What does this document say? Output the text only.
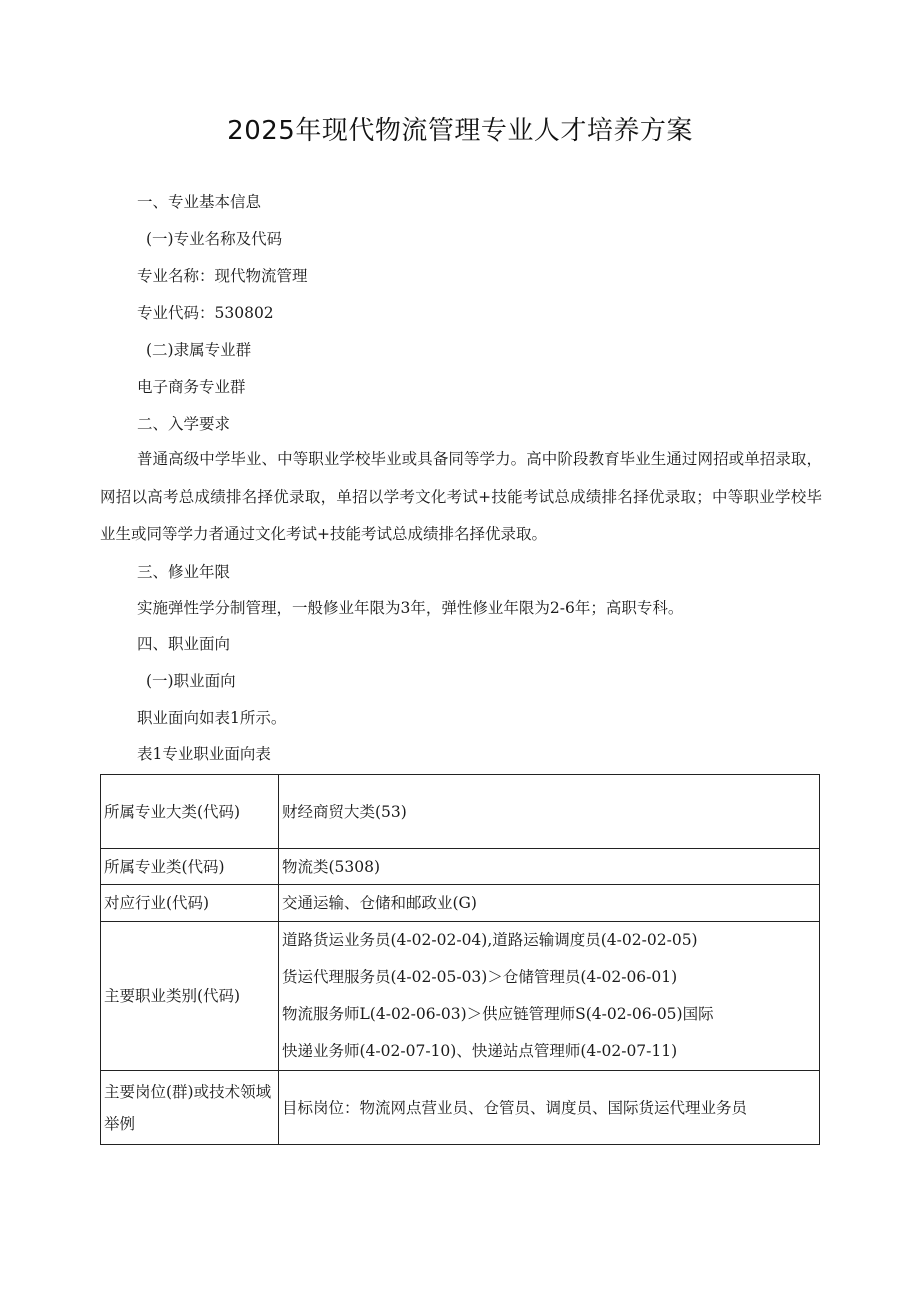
2025年现代物流管理专业人才培养方案
一、专业基本信息
(一)专业名称及代码
专业名称：现代物流管理
专业代码：530802
(二)隶属专业群
电子商务专业群
二、入学要求
普通高级中学毕业、中等职业学校毕业或具备同等学力。高中阶段教育毕业生通过网招或单招录取，网招以高考总成绩排名择优录取，单招以学考文化考试+技能考试总成绩排名择优录取；中等职业学校毕业生或同等学力者通过文化考试+技能考试总成绩排名择优录取。
三、修业年限
实施弹性学分制管理，一般修业年限为3年，弹性修业年限为2-6年；高职专科。
四、职业面向
(一)职业面向
职业面向如表1所示。
表1专业职业面向表
所属专业大类(代码)	财经商贸大类(53)
所属专业类(代码)	物流类(5308)
对应行业(代码)	交通运输、仓储和邮政业(G)
主要职业类别(代码)	道路货运业务员(4-02-02-04),道路运输调度员(4-02-02-05)
货运代理服务员(4-02-05-03)＞仓储管理员(4-02-06-01)
物流服务师L(4-02-06-03)＞供应链管理师S(4-02-06-05)国际
快递业务师(4-02-07-10)、快递站点管理师(4-02-07-11)

主要岗位(群)或技术领域举例	目标岗位：物流网点营业员、仓管员、调度员、国际货运代理业务员
